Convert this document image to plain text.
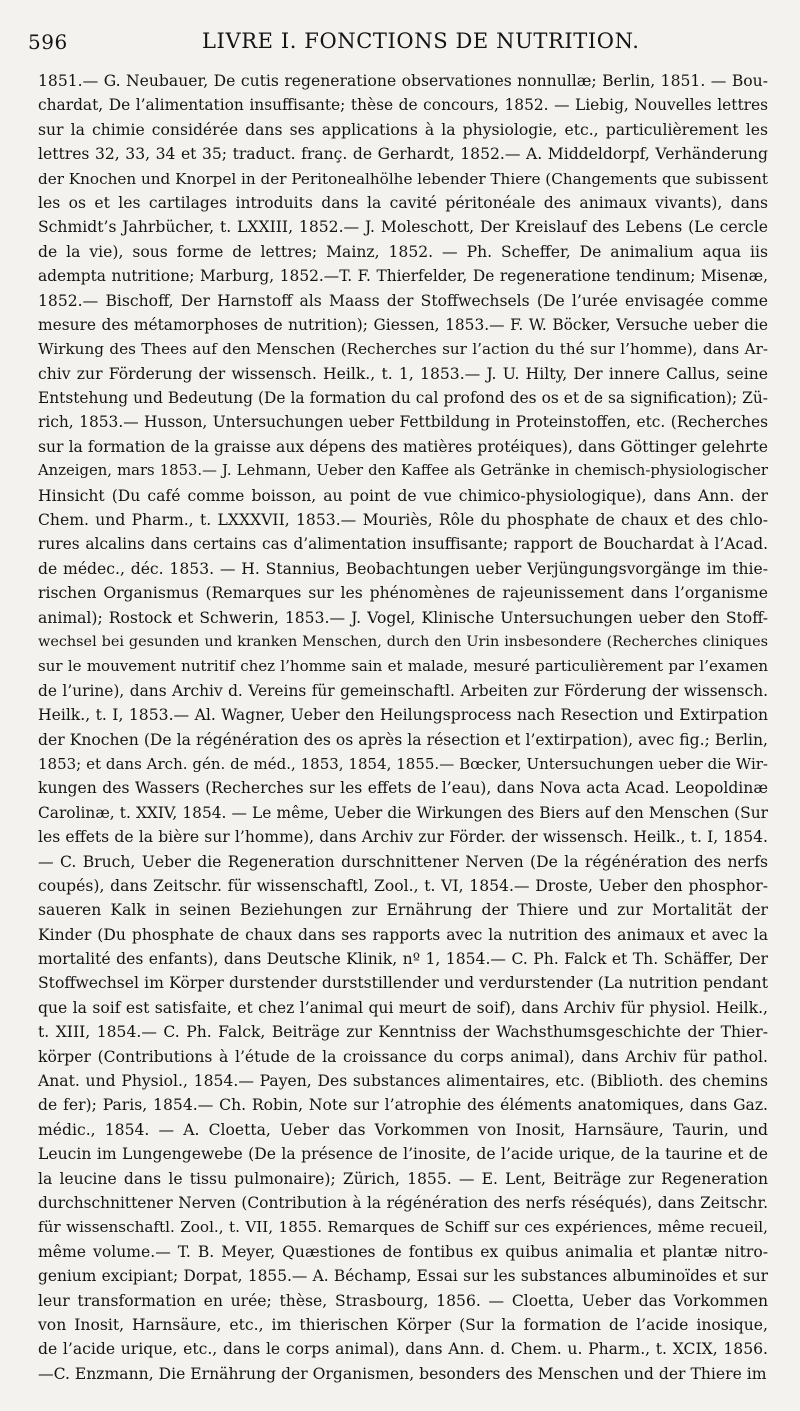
596	LIVRE I. FONCTIONS DE NUTRITION.
1851.— G. Neubauer, De cutis regeneratione observationes nonnullæ; Berlin, 1851. — Bou-
chardat, De l’alimentation insuffisante; thèse de concours, 1852. — Liebig, Nouvelles lettres
sur la chimie considérée dans ses applications à la physiologie, etc., particulièrement les
lettres 32, 33, 34 et 35; traduct. franç. de Gerhardt, 1852.— A. Middeldorpf, Verhänderung
der Knochen und Knorpel in der Peritonealhölhe lebender Thiere (Changements que subissent
les os et les cartilages introduits dans la cavité péritonéale des animaux vivants), dans
Schmidt’s Jahrbücher, t. LXXIII, 1852.— J. Moleschott, Der Kreislauf des Lebens (Le cercle
de la vie), sous forme de lettres; Mainz, 1852. — Ph. Scheffer, De animalium aqua iis
adempta nutritione; Marburg, 1852.—T. F. Thierfelder, De regeneratione tendinum; Misenæ,
1852.— Bischoff, Der Harnstoff als Maass der Stoffwechsels (De l’urée envisagée comme
mesure des métamorphoses de nutrition); Giessen, 1853.— F. W. Böcker, Versuche ueber die
Wirkung des Thees auf den Menschen (Recherches sur l’action du thé sur l’homme), dans Ar-
chiv zur Förderung der wissensch. Heilk., t. 1, 1853.— J. U. Hilty, Der innere Callus, seine
Entstehung und Bedeutung (De la formation du cal profond des os et de sa signification); Zü-
rich, 1853.— Husson, Untersuchungen ueber Fettbildung in Proteinstoffen, etc. (Recherches
sur la formation de la graisse aux dépens des matières protéiques), dans Göttinger gelehrte
Anzeigen, mars 1853.— J. Lehmann, Ueber den Kaffee als Getränke in chemisch-physiologischer
Hinsicht (Du café comme boisson, au point de vue chimico-physiologique), dans Ann. der
Chem. und Pharm., t. LXXXVII, 1853.— Mouriès, Rôle du phosphate de chaux et des chlo-
rures alcalins dans certains cas d’alimentation insuffisante; rapport de Bouchardat à l’Acad.
de médec., déc. 1853. — H. Stannius, Beobachtungen ueber Verjüngungsvorgänge im thie-
rischen Organismus (Remarques sur les phénomènes de rajeunissement dans l’organisme
animal); Rostock et Schwerin, 1853.— J. Vogel, Klinische Untersuchungen ueber den Stoff-
wechsel bei gesunden und kranken Menschen, durch den Urin insbesondere (Recherches cliniques
sur le mouvement nutritif chez l’homme sain et malade, mesuré particulièrement par l’examen
de l’urine), dans Archiv d. Vereins für gemeinschaftl. Arbeiten zur Förderung der wissensch.
Heilk., t. I, 1853.— Al. Wagner, Ueber den Heilungsprocess nach Resection und Extirpation
der Knochen (De la régénération des os après la résection et l’extirpation), avec fig.; Berlin,
1853; et dans Arch. gén. de méd., 1853, 1854, 1855.— Bœcker, Untersuchungen ueber die Wir-
kungen des Wassers (Recherches sur les effets de l’eau), dans Nova acta Acad. Leopoldinæ
Carolinæ, t. XXIV, 1854. — Le même, Ueber die Wirkungen des Biers auf den Menschen (Sur
les effets de la bière sur l’homme), dans Archiv zur Förder. der wissensch. Heilk., t. I, 1854.
— C. Bruch, Ueber die Regeneration durschnittener Nerven (De la régénération des nerfs
coupés), dans Zeitschr. für wissenschaftl, Zool., t. VI, 1854.— Droste, Ueber den phosphor-
saueren Kalk in seinen Beziehungen zur Ernährung der Thiere und zur Mortalität der
Kinder (Du phosphate de chaux dans ses rapports avec la nutrition des animaux et avec la
mortalité des enfants), dans Deutsche Klinik, nº 1, 1854.— C. Ph. Falck et Th. Schäffer, Der
Stoffwechsel im Körper durstender durststillender und verdurstender (La nutrition pendant
que la soif est satisfaite, et chez l’animal qui meurt de soif), dans Archiv für physiol. Heilk.,
t. XIII, 1854.— C. Ph. Falck, Beiträge zur Kenntniss der Wachsthumsgeschichte der Thier-
körper (Contributions à l’étude de la croissance du corps animal), dans Archiv für pathol.
Anat. und Physiol., 1854.— Payen, Des substances alimentaires, etc. (Biblioth. des chemins
de fer); Paris, 1854.— Ch. Robin, Note sur l’atrophie des éléments anatomiques, dans Gaz.
médic., 1854. — A. Cloetta, Ueber das Vorkommen von Inosit, Harnsäure, Taurin, und
Leucin im Lungengewebe (De la présence de l’inosite, de l’acide urique, de la taurine et de
la leucine dans le tissu pulmonaire); Zürich, 1855. — E. Lent, Beiträge zur Regeneration
durchschnittener Nerven (Contribution à la régénération des nerfs réséqués), dans Zeitschr.
für wissenschaftl. Zool., t. VII, 1855. Remarques de Schiff sur ces expériences, même recueil,
même volume.— T. B. Meyer, Quæstiones de fontibus ex quibus animalia et plantæ nitro-
genium excipiant; Dorpat, 1855.— A. Béchamp, Essai sur les substances albuminoïdes et sur
leur transformation en urée; thèse, Strasbourg, 1856. — Cloetta, Ueber das Vorkommen
von Inosit, Harnsäure, etc., im thierischen Körper (Sur la formation de l’acide inosique,
de l’acide urique, etc., dans le corps animal), dans Ann. d. Chem. u. Pharm., t. XCIX, 1856.
—C. Enzmann, Die Ernährung der Organismen, besonders des Menschen und der Thiere im
